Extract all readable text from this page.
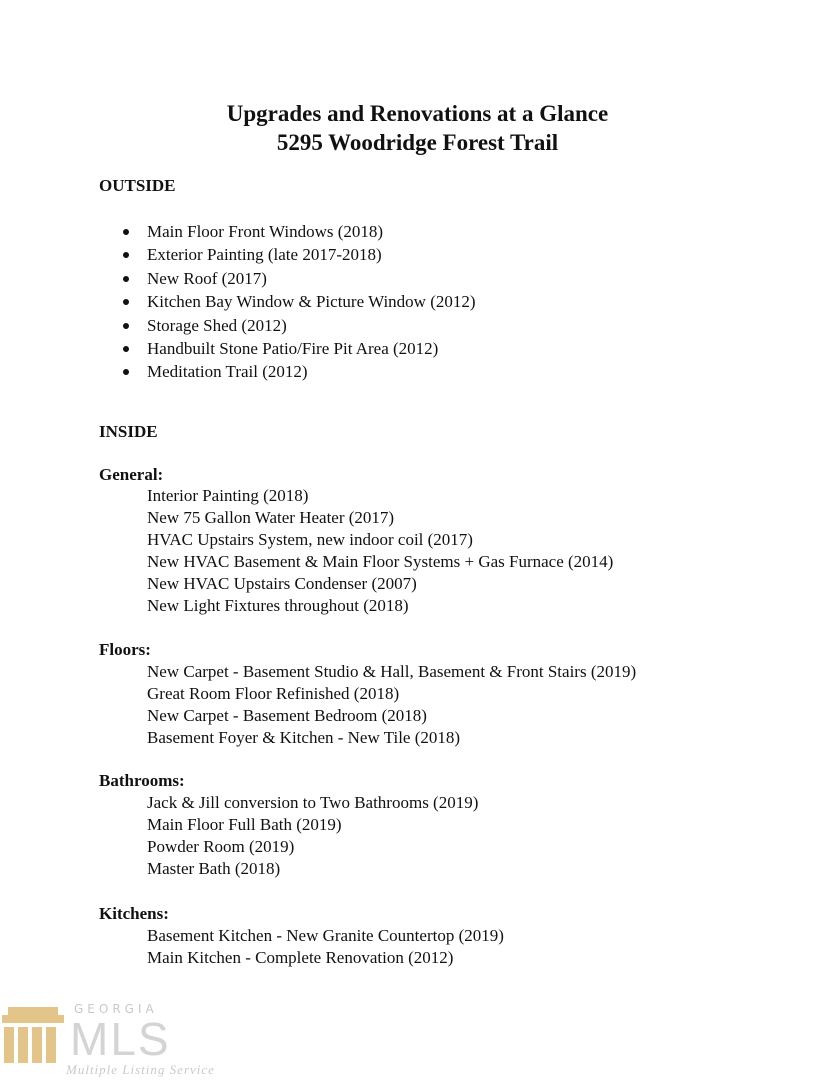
Upgrades and Renovations at a Glance
5295 Woodridge Forest Trail
OUTSIDE
Main Floor Front Windows (2018)
Exterior Painting (late 2017-2018)
New Roof (2017)
Kitchen Bay Window & Picture Window (2012)
Storage Shed (2012)
Handbuilt Stone Patio/Fire Pit Area (2012)
Meditation Trail (2012)
INSIDE
General:
Interior Painting (2018)
New 75 Gallon Water Heater (2017)
HVAC Upstairs System, new indoor coil (2017)
New HVAC Basement & Main Floor Systems + Gas Furnace (2014)
New HVAC Upstairs Condenser (2007)
New Light Fixtures throughout (2018)
Floors:
New Carpet - Basement Studio & Hall, Basement & Front Stairs (2019)
Great Room Floor Refinished (2018)
New Carpet - Basement Bedroom (2018)
Basement Foyer & Kitchen - New Tile (2018)
Bathrooms:
Jack & Jill conversion to Two Bathrooms (2019)
Main Floor Full Bath (2019)
Powder Room (2019)
Master Bath (2018)
Kitchens:
Basement Kitchen - New Granite Countertop (2019)
Main Kitchen - Complete Renovation (2012)
GEORGIA
MLS
Multiple Listing Service
